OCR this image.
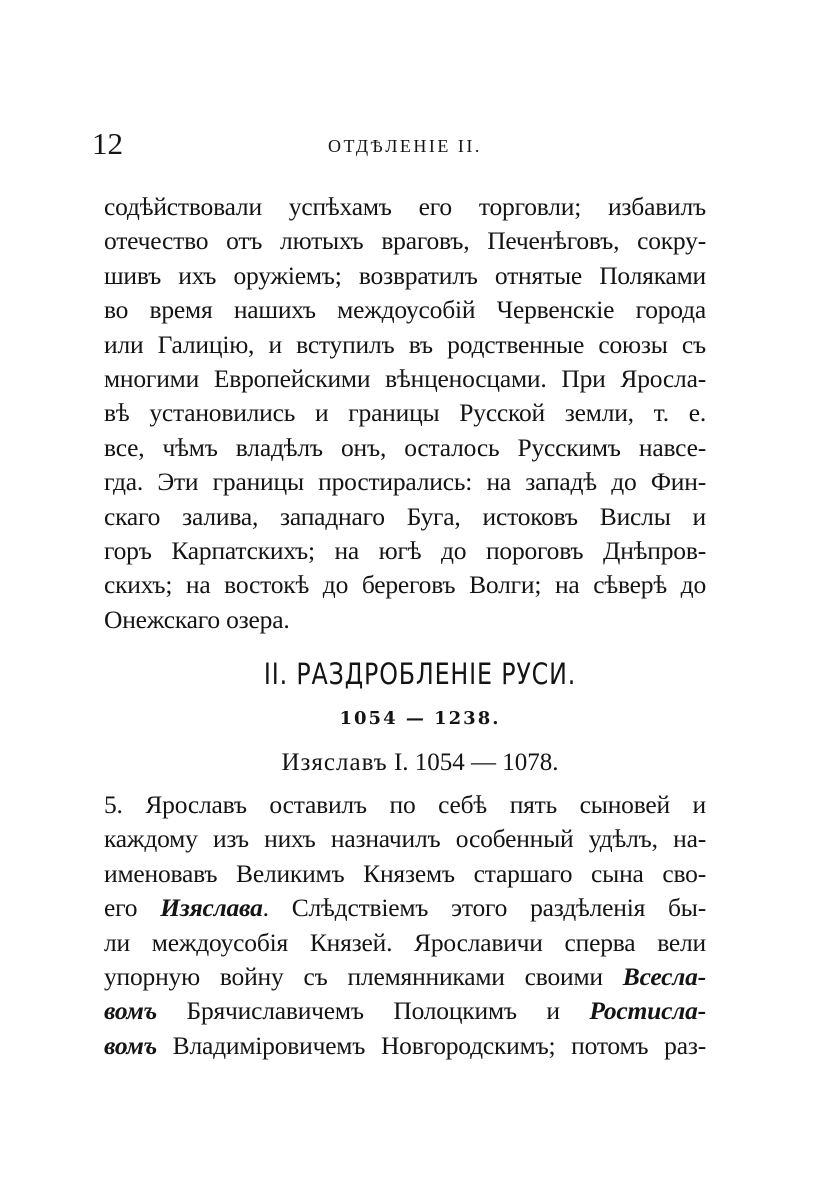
12	ОТДѢЛЕНІЕ II.
содѣйствовали успѣхамъ его торговли; избавилъ
отечество отъ лютыхъ враговъ, Печенѣговъ, сокру-
шивъ ихъ оружіемъ; возвратилъ отнятые Поляками
во время нашихъ междоусобій Червенскіе города
или Галицію, и вступилъ въ родственные союзы съ
многими Европейскими вѣнценосцами. При Яросла-
вѣ установились и границы Русской земли, т. е.
все, чѣмъ владѣлъ онъ, осталось Русскимъ навсе-
гда. Эти границы простирались: на западѣ до Фин-
скаго залива, западнаго Буга, истоковъ Вислы и
горъ Карпатскихъ; на югѣ до пороговъ Днѣпров-
скихъ; на востокѣ до береговъ Волги; на сѣверѣ до
Онежскаго озера.
II. РАЗДРОБЛЕНІЕ РУСИ.
1054 — 1238.
Изяславъ I. 1054 — 1078.
5. Ярославъ оставилъ по себѣ пять сыновей и
каждому изъ нихъ назначилъ особенный удѣлъ, на-
именовавъ Великимъ Княземъ старшаго сына сво-
его Изяслава. Слѣдствіемъ этого раздѣленія бы-
ли междоусобія Князей. Ярославичи сперва вели
упорную войну съ племянниками своими Всесла-
вомъ Брячиславичемъ Полоцкимъ и Ростисла-
вомъ Владиміровичемъ Новгородскимъ; потомъ раз-
